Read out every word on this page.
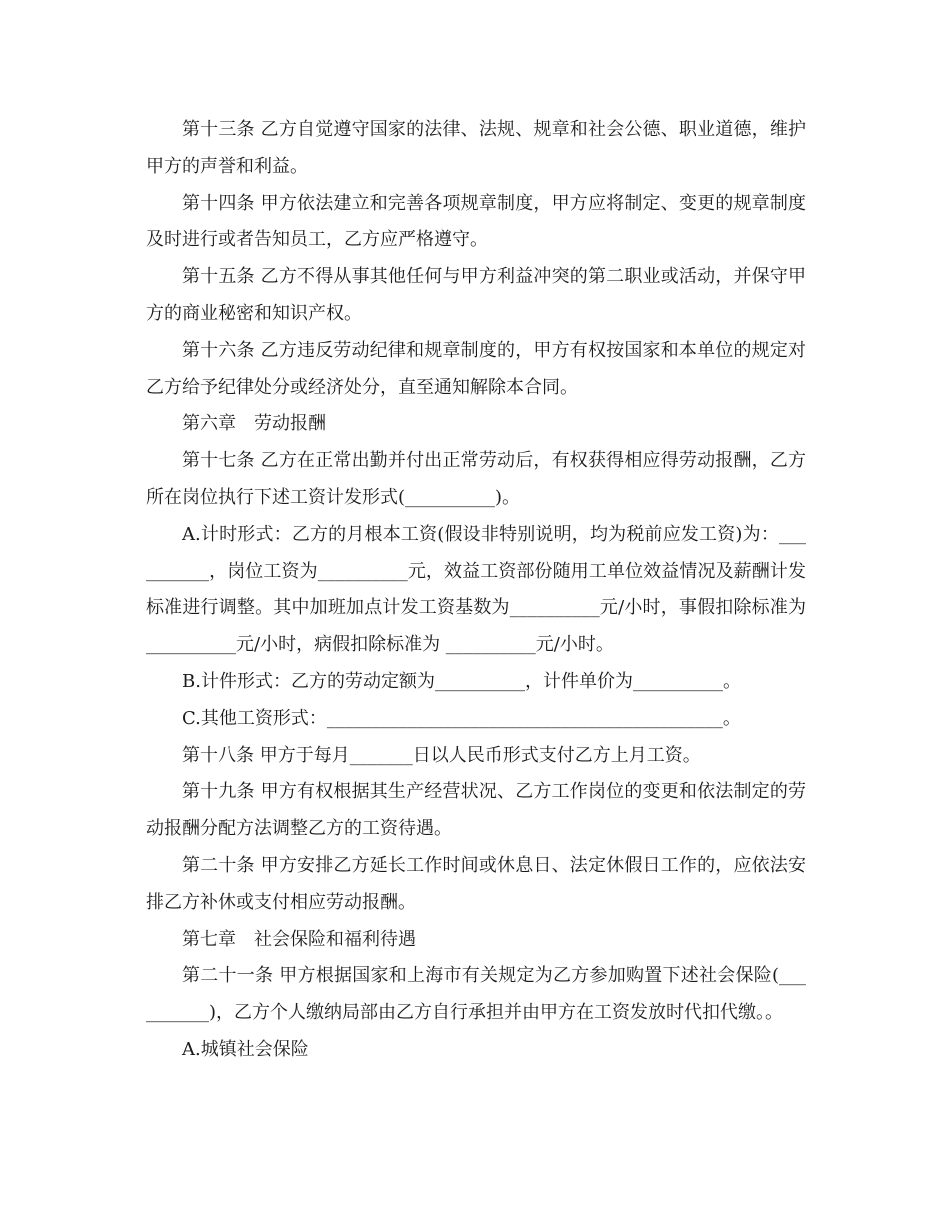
第十三条 乙方自觉遵守国家的法律、法规、规章和社会公德、职业道德，维护甲方的声誉和利益。

第十四条 甲方依法建立和完善各项规章制度，甲方应将制定、变更的规章制度及时进行或者告知员工，乙方应严格遵守。

第十五条 乙方不得从事其他任何与甲方利益冲突的第二职业或活动，并保守甲方的商业秘密和知识产权。

第十六条 乙方违反劳动纪律和规章制度的，甲方有权按国家和本单位的规定对乙方给予纪律处分或经济处分，直至通知解除本合同。

第六章　劳动报酬

第十七条 乙方在正常出勤并付出正常劳动后，有权获得相应得劳动报酬，乙方所在岗位执行下述工资计发形式(__________)。

A.计时形式：乙方的月根本工资(假设非特别说明，均为税前应发工资)为：__________，岗位工资为__________元，效益工资部份随用工单位效益情况及薪酬计发标准进行调整。其中加班加点计发工资基数为__________元/小时，事假扣除标准为__________元/小时，病假扣除标准为 __________元/小时。

B.计件形式：乙方的劳动定额为__________，计件单价为__________。

C.其他工资形式：____________________________________________。

第十八条 甲方于每月_______日以人民币形式支付乙方上月工资。

第十九条 甲方有权根据其生产经营状况、乙方工作岗位的变更和依法制定的劳动报酬分配方法调整乙方的工资待遇。

第二十条 甲方安排乙方延长工作时间或休息日、法定休假日工作的，应依法安排乙方补休或支付相应劳动报酬。

第七章　社会保险和福利待遇

第二十一条 甲方根据国家和上海市有关规定为乙方参加购置下述社会保险(__________)，乙方个人缴纳局部由乙方自行承担并由甲方在工资发放时代扣代缴。。

A.城镇社会保险
